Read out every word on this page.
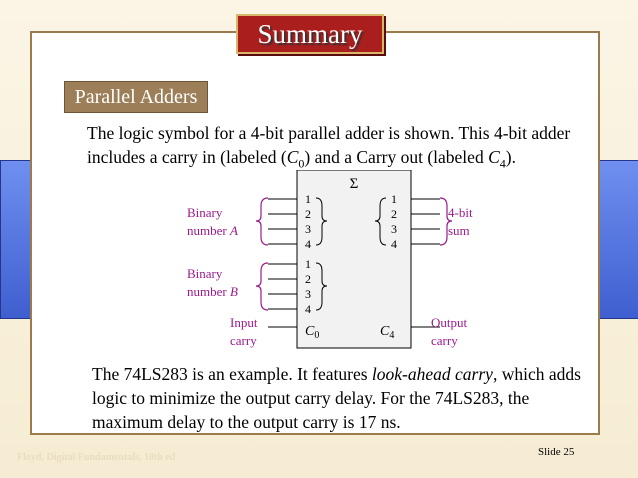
Summary
Parallel Adders
The logic symbol for a 4-bit parallel adder is shown. This 4-bit adder includes a carry in (labeled $(C_0)$ and a Carry out (labeled $C_4$).
Σ
1
2
3
4
1
2
3
4
1
2
3
4
$C_0$	$C_4$
Binary
number A
Binary
number B
4-bit
sum
Input
carry
Output
carry
The 74LS283 is an example. It features look-ahead carry, which adds logic to minimize the output carry delay. For the 74LS283, the maximum delay to the output carry is 17 ns.
Floyd, Digital Fundamentals, 10th ed	Slide 25
